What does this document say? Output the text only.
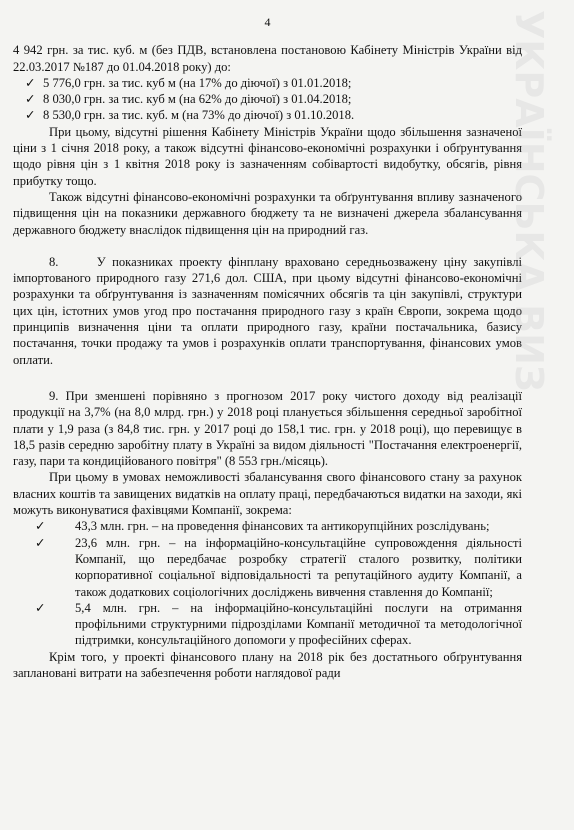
УКРАЇНСЬКА ВИЗ
4

4 942 грн. за тис. куб. м (без ПДВ, встановлена постановою Кабінету Міністрів України від 22.03.2017 №187 до 01.04.2018 року) до:

✓ 5 776,0 грн. за тис. куб м (на 17% до діючої) з 01.01.2018;
✓ 8 030,0 грн. за тис. куб м (на 62% до діючої) з 01.04.2018;
✓ 8 530,0 грн. за тис. куб. м (на 73% до діючої) з 01.10.2018.

При цьому, відсутні рішення Кабінету Міністрів України щодо збільшення зазначеної ціни з 1 січня 2018 року, а також відсутні фінансово-економічні розрахунки і обґрунтування щодо рівня цін з 1 квітня 2018 року із зазначенням собівартості видобутку, обсягів, рівня прибутку тощо.

Також відсутні фінансово-економічні розрахунки та обґрунтування впливу зазначеного підвищення цін на показники державного бюджету та не визначені джерела збалансування державного бюджету внаслідок підвищення цін на природний газ.

8.      У показниках проекту фінплану враховано середньозважену ціну закупівлі імпортованого природного газу 271,6 дол. США, при цьому відсутні фінансово-економічні розрахунки та обґрунтування із зазначенням помісячних обсягів та цін закупівлі, структури цих цін, істотних умов угод про постачання природного газу з країн Європи, зокрема щодо принципів визначення ціни та оплати природного газу, країни постачальника, базису постачання, точки продажу та умов і розрахунків оплати транспортування, фінансових умов оплати.

9. При зменшені порівняно з прогнозом 2017 року чистого доходу від реалізації продукції на 3,7% (на 8,0 млрд. грн.) у 2018 році планується збільшення середньої заробітної плати у 1,9 раза (з 84,8 тис. грн. у 2017 році до 158,1 тис. грн. у 2018 році), що перевищує в 18,5 разів середню заробітну плату в Україні за видом діяльності "Постачання електроенергії, газу, пари та кондиційованого повітря" (8 553 грн./місяць).

При цьому в умовах неможливості збалансування свого фінансового стану за рахунок власних коштів та завищених видатків на оплату праці, передбачаються видатки на заходи, які можуть виконуватися фахівцями Компанії, зокрема:

✓	43,3 млн. грн. – на проведення фінансових та антикорупційних розслідувань;

✓	23,6 млн. грн. – на інформаційно-консультаційне супровождення діяльності Компанії, що передбачає розробку стратегії сталого розвитку, політики корпоративної соціальної відповідальності та репутаційного аудиту Компанії, а також додаткових соціологічних досліджень вивчення ставлення до Компанії;

✓	5,4 млн. грн. – на інформаційно-консультаційні послуги на отримання профільними структурними підрозділами Компанії методичної та методологічної підтримки, консультаційного допомоги у професійних сферах.

Крім того, у проекті фінансового плану на 2018 рік без достатнього обґрунтування заплановані витрати на забезпечення роботи наглядової ради
